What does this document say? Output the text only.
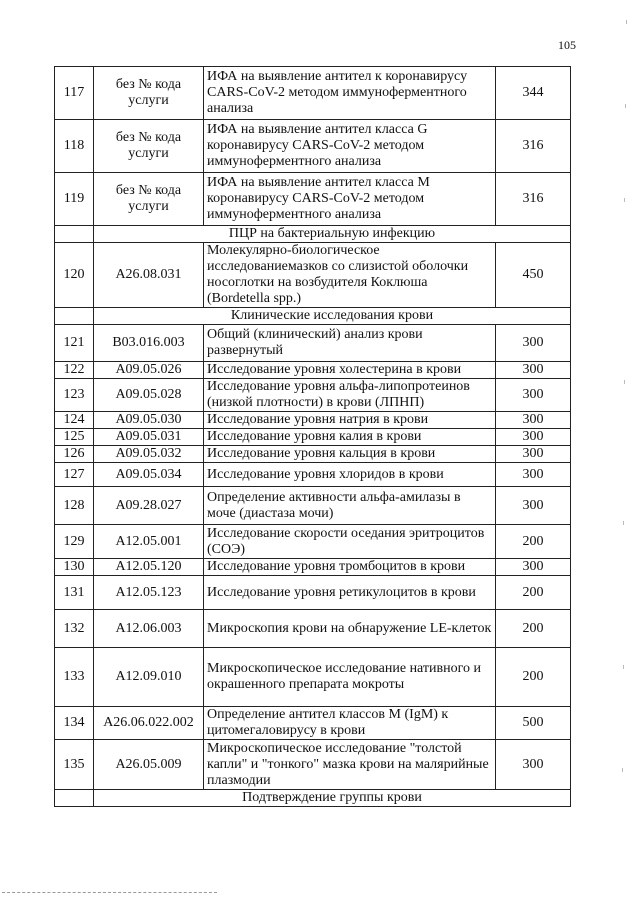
105
117	без № кода услуги	ИФА на выявление антител к коронавирусу CARS-CoV-2 методом иммуноферментного анализа	344
118	без № кода услуги	ИФА на выявление антител класса G коронавирусу CARS-CoV-2 методом иммуноферментного анализа	316
119	без № кода услуги	ИФА на выявление антител класса M коронавирусу CARS-CoV-2 методом иммуноферментного анализа	316
	ПЦР на бактериальную инфекцию		
120	A26.08.031	Молекулярно-биологическое исследованиемазков со слизистой оболочки носоглотки на возбудителя Коклюша (Bordetella spp.)	450
	Клинические исследования крови		
121	B03.016.003	Общий (клинический) анализ крови развернутый	300
122	A09.05.026	Исследование уровня холестерина в крови	300
123	A09.05.028	Исследование уровня альфа-липопротеинов (низкой плотности) в крови (ЛПНП)	300
124	A09.05.030	Исследование уровня натрия в крови	300
125	A09.05.031	Исследование уровня калия в крови	300
126	A09.05.032	Исследование уровня кальция в крови	300
127	A09.05.034	Исследование уровня хлоридов в крови	300
128	A09.28.027	Определение активности альфа-амилазы в моче (диастаза мочи)	300
129	A12.05.001	Исследование скорости оседания эритроцитов (СОЭ)	200
130	A12.05.120	Исследование уровня тромбоцитов в крови	300
131	A12.05.123	Исследование уровня ретикулоцитов в крови	200
132	A12.06.003	Микроскопия крови на обнаружение LE-клеток	200
133	A12.09.010	Микроскопическое исследование нативного и окрашенного препарата мокроты	200
134	A26.06.022.002	Определение антител классов M (IgM) к цитомегаловирусу в крови	500
135	A26.05.009	Микроскопическое исследование "толстой капли" и "тонкого" мазка крови на малярийные плазмодии	300
	Подтверждение группы крови		
